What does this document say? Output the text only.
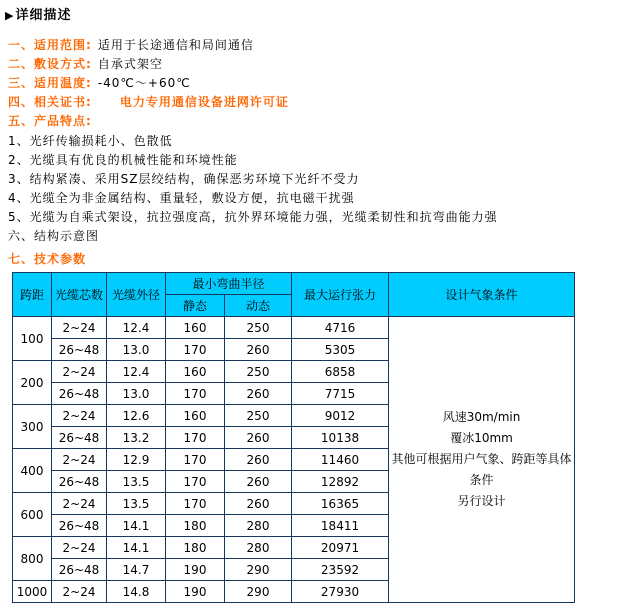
▶详细描述
一、适用范围: 适用于长途通信和局间通信
二、敷设方式: 自承式架空
三、适用温度: -40℃～+60℃
四、相关证书: 电力专用通信设备进网许可证
五、产品特点:
1、光纤传输损耗小、色散低
2、光缆具有优良的机械性能和环境性能
3、结构紧凑、采用SZ层绞结构，确保恶劣环境下光纤不受力
4、光缆全为非金属结构、重量轻，敷设方便，抗电磁干扰强
5、光缆为自乘式架设，抗拉强度高，抗外界环境能力强，光缆柔韧性和抗弯曲能力强
六、结构示意图
七、技术参数
跨距	光缆芯数	光缆外径	最小弯曲半径		最大运行张力	设计气象条件
			静态	动态		
100	2~24	12.4	160	250	4716	风速30m/min
覆冰10mm
其他可根据用户气象、跨距等具体条件
另行设计

	26~48	13.0	170	260	5305	
200	2~24	12.4	160	250	6858	
	26~48	13.0	170	260	7715	
300	2~24	12.6	160	250	9012	
	26~48	13.2	170	260	10138	
400	2~24	12.9	170	260	11460	
	26~48	13.5	170	260	12892	
600	2~24	13.5	170	260	16365	
	26~48	14.1	180	280	18411	
800	2~24	14.1	180	280	20971	
	26~48	14.7	190	290	23592	
1000	2~24	14.8	190	290	27930	
